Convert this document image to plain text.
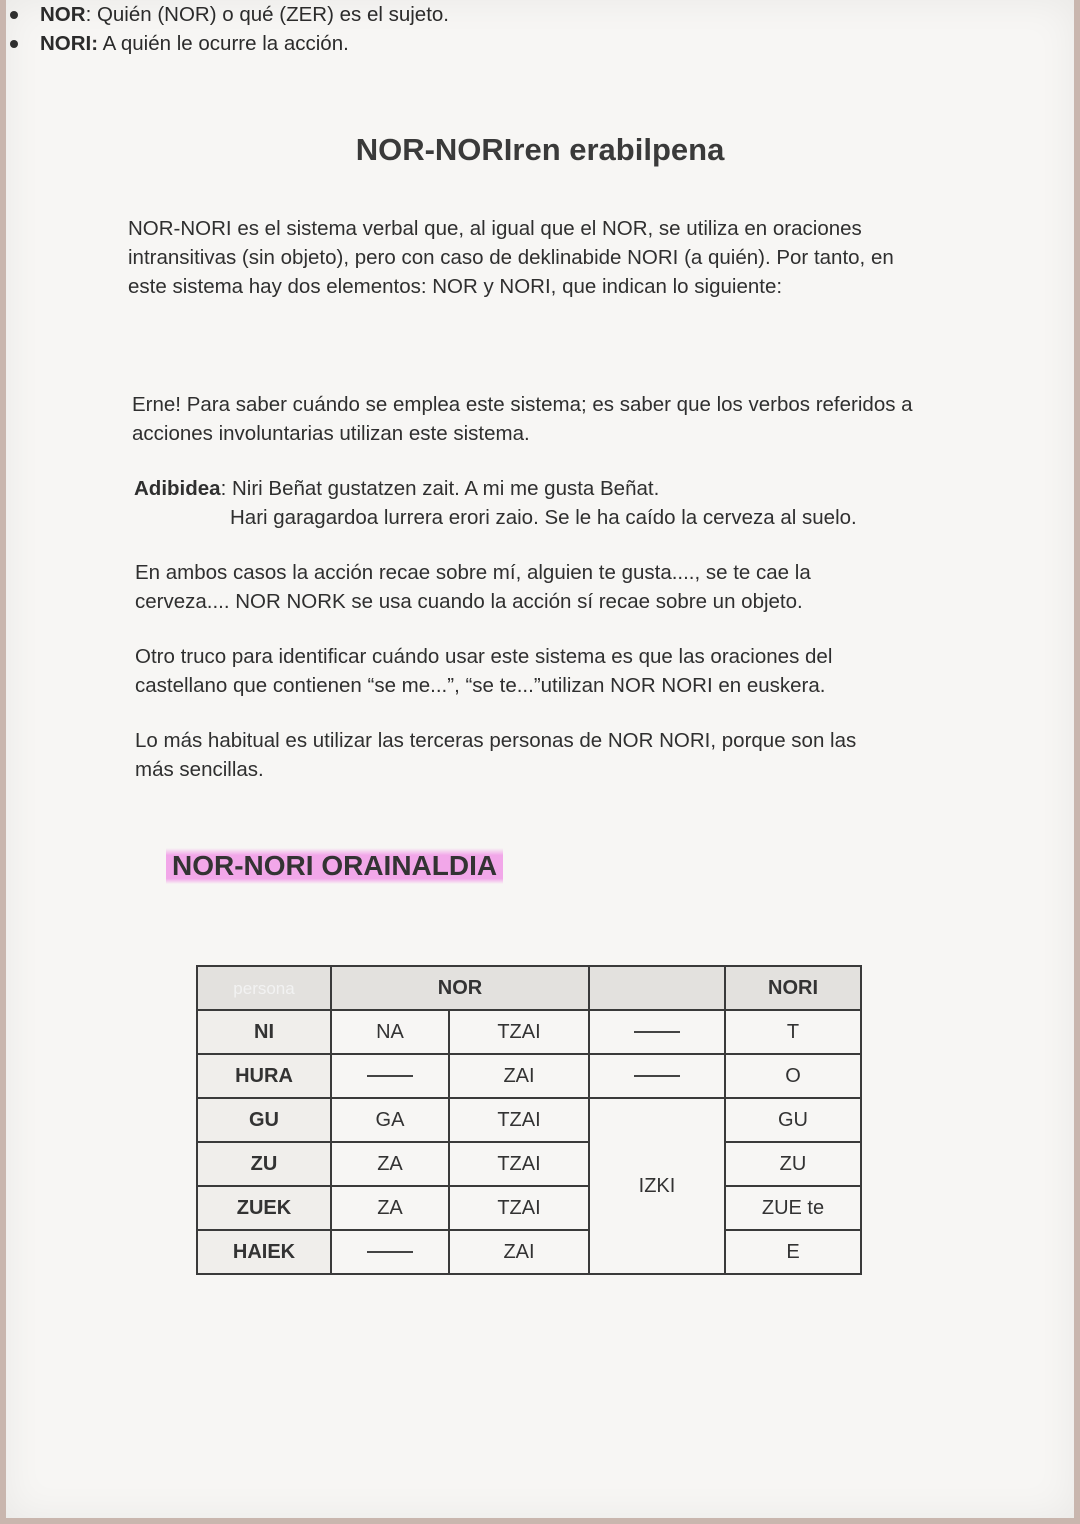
NOR-NORIren erabilpena
NOR-NORI es el sistema verbal que, al igual que el NOR, se utiliza en oraciones intransitivas (sin objeto), pero con caso de deklinabide NORI (a quién). Por tanto, en este sistema hay dos elementos: NOR y NORI, que indican lo siguiente:
NOR: Quién (NOR) o qué (ZER) es el sujeto.
NORI: A quién le ocurre la acción.
Erne! Para saber cuándo se emplea este sistema; es saber que los verbos referidos a acciones involuntarias utilizan este sistema.
Adibidea: Niri Beñat gustatzen zait. A mi me gusta Beñat.
Hari garagardoa lurrera erori zaio. Se le ha caído la cerveza al suelo.
En ambos casos la acción recae sobre mí, alguien te gusta...., se te cae la cerveza.... NOR NORK se usa cuando la acción sí recae sobre un objeto.
Otro truco para identificar cuándo usar este sistema es que las oraciones del castellano que contienen “se me...”, “se te...”utilizan NOR NORI en euskera.
Lo más habitual es utilizar las terceras personas de NOR NORI, porque son las más sencillas.
NOR-NORI ORAINALDIA
persona	NOR			NORI
NI	NA	TZAI		T
HURA		ZAI		O
GU	GA	TZAI	IZKI	GU
ZU	ZA	TZAI		ZU
ZUEK	ZA	TZAI		ZUE te
HAIEK		ZAI		E
